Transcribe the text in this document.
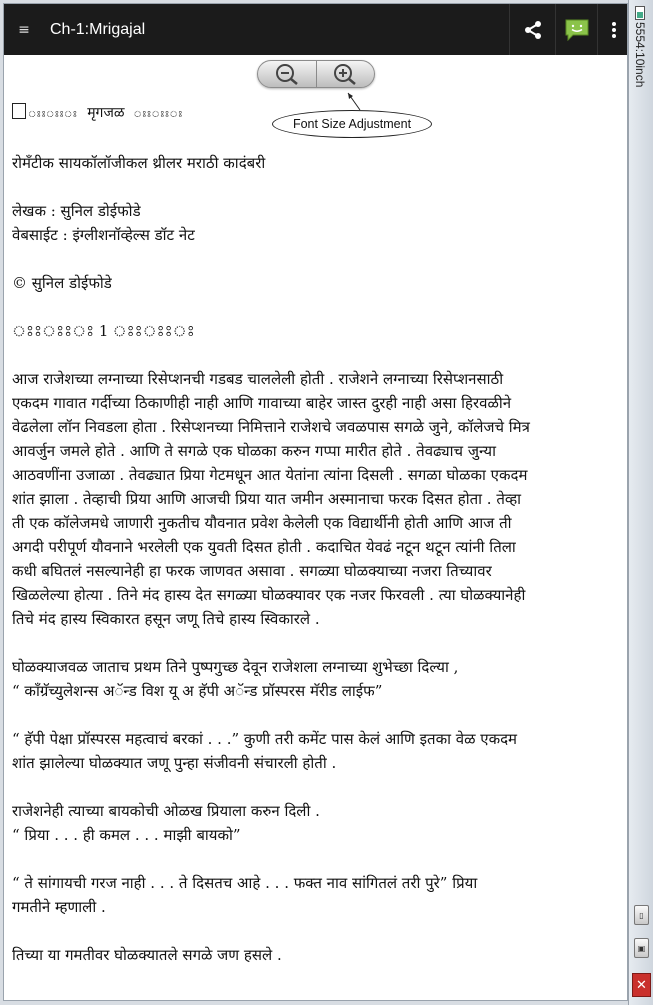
≡	Ch-1:Mrigajal
Font Size Adjustment
ঃঃঃঃঃ मृगजळ ঃঃঃঃঃ
रोमँटीक सायकॉलॉजीकल थ्रीलर मराठी कादंबरी
लेखक : सुनिल डोईफोडे
वेबसाईट : इंग्लीशनॉव्हेल्स डॉट नेट
© सुनिल डोईफोडे
ঃঃঃঃঃ 1 ঃঃঃঃঃ
आज राजेशच्या लग्नाच्या रिसेप्शनची गडबड चाललेली होती . राजेशने लग्नाच्या रिसेप्शनसाठी
एकदम गावात गर्दीच्या ठिकाणीही नाही आणि गावाच्या बाहेर जास्त दुरही नाही असा हिरवळीने
वेढलेला लॉन निवडला होता . रिसेप्शनच्या निमित्ताने राजेशचे जवळपास सगळे जुने, कॉलेजचे मित्र
आवर्जुन जमले होते . आणि ते सगळे एक घोळका करुन गप्पा मारीत होते . तेवढ्याच जुन्या
आठवणींना उजाळा . तेवढ्यात प्रिया गेटमधून आत येतांना त्यांना दिसली . सगळा घोळका एकदम
शांत झाला . तेव्हाची प्रिया आणि आजची प्रिया यात जमीन अस्मानाचा फरक दिसत होता . तेव्हा
ती एक कॉलेजमधे जाणारी नुकतीच यौवनात प्रवेश केलेली एक विद्यार्थीनी होती आणि आज ती
अगदी परीपूर्ण यौवनाने भरलेली एक युवती दिसत होती . कदाचित येवढं नटून थटून त्यांनी तिला
कधी बघितलं नसल्यानेही हा फरक जाणवत असावा . सगळ्या घोळक्याच्या नजरा तिच्यावर
खिळलेल्या होत्या . तिने मंद हास्य देत सगळ्या घोळक्यावर एक नजर फिरवली . त्या घोळक्यानेही
तिचे मंद हास्य स्विकारत हसून जणू तिचे हास्य स्विकारले .
घोळक्याजवळ जाताच प्रथम तिने पुष्पगुच्छ देवून राजेशला लग्नाच्या शुभेच्छा दिल्या ,
“ कॉंग्रॅच्युलेशन्स अॅन्ड विश यू अ हॅपी अॅन्ड प्रॉस्परस मॅरीड लाईफ”
“ हॅपी पेक्षा प्रॉस्परस महत्वाचं बरकां . . .” कुणी तरी कमेंट पास केलं आणि इतका वेळ एकदम
शांत झालेल्या घोळक्यात जणू पुन्हा संजीवनी संचारली होती .
राजेशनेही त्याच्या बायकोची ओळख प्रियाला करुन दिली .
“ प्रिया . . . ही कमल . . . माझी बायको”
“ ते सांगायची गरज नाही . . . ते दिसतच आहे . . . फक्त नाव सांगितलं तरी पुरे” प्रिया
गमतीने म्हणाली .
तिच्या या गमतीवर घोळक्यातले सगळे जण हसले .
5554:10inch
▯
▣
✕
